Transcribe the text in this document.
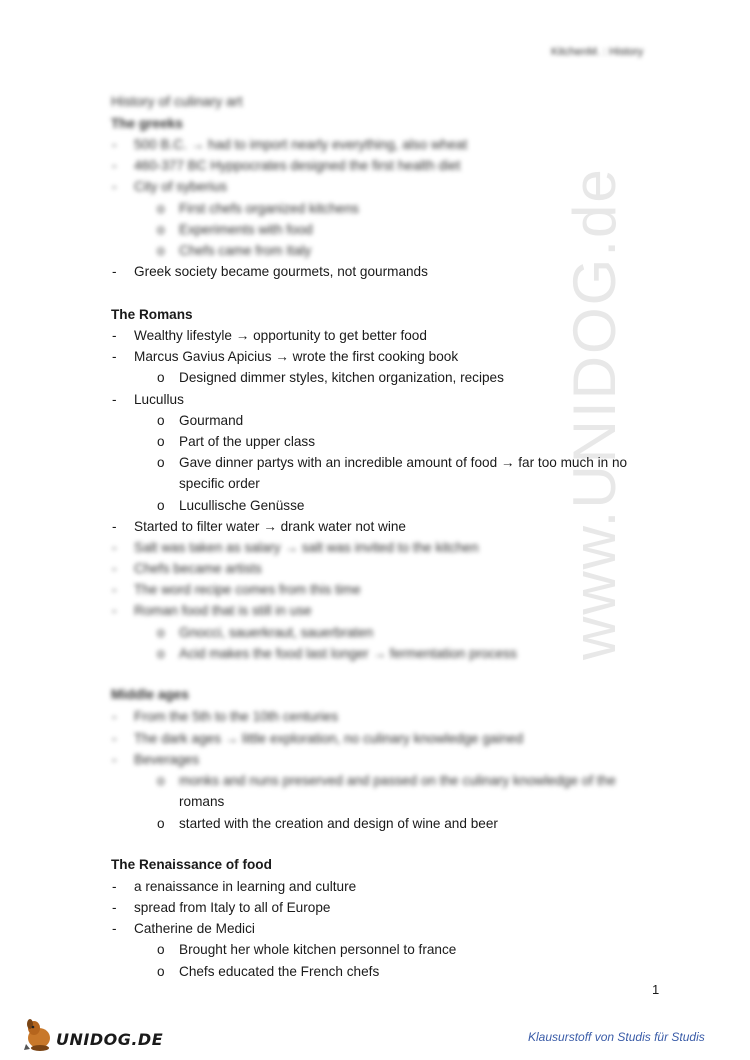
KitchenM. : History
www.UNIDOG.de
History of culinary art
The greeks
- 500 B.C. → had to import nearly everything, also wheat
- 460-377 BC Hyppocrates designed the first health diet
- City of syberius
o First chefs organized kitchens
o Experiments with food
o Chefs came from Italy
- Greek society became gourmets, not gourmands
The Romans
- Wealthy lifestyle → opportunity to get better food
- Marcus Gavius Apicius → wrote the first cooking book
o Designed dimmer styles, kitchen organization, recipes
- Lucullus
o Gourmand
o Part of the upper class
o Gave dinner partys with an incredible amount of food → far too much in no
specific order
o Lucullische Genüsse
- Started to filter water → drank water not wine
- Salt was taken as salary → salt was invited to the kitchen
- Chefs became artists
- The word recipe comes from this time
- Roman food that is still in use
o Gnocci, sauerkraut, sauerbraten
o Acid makes the food last longer → fermentation process
Middle ages
- From the 5th to the 10th centuries
- The dark ages → little exploration, no culinary knowledge gained
- Beverages
o monks and nuns preserved and passed on the culinary knowledge of the
romans
o started with the creation and design of wine and beer
The Renaissance of food
- a renaissance in learning and culture
- spread from Italy to all of Europe
- Catherine de Medici
o Brought her whole kitchen personnel to france
o Chefs educated the French chefs
1
UNIDOG.DE	Klausurstoff von Studis für Studis
